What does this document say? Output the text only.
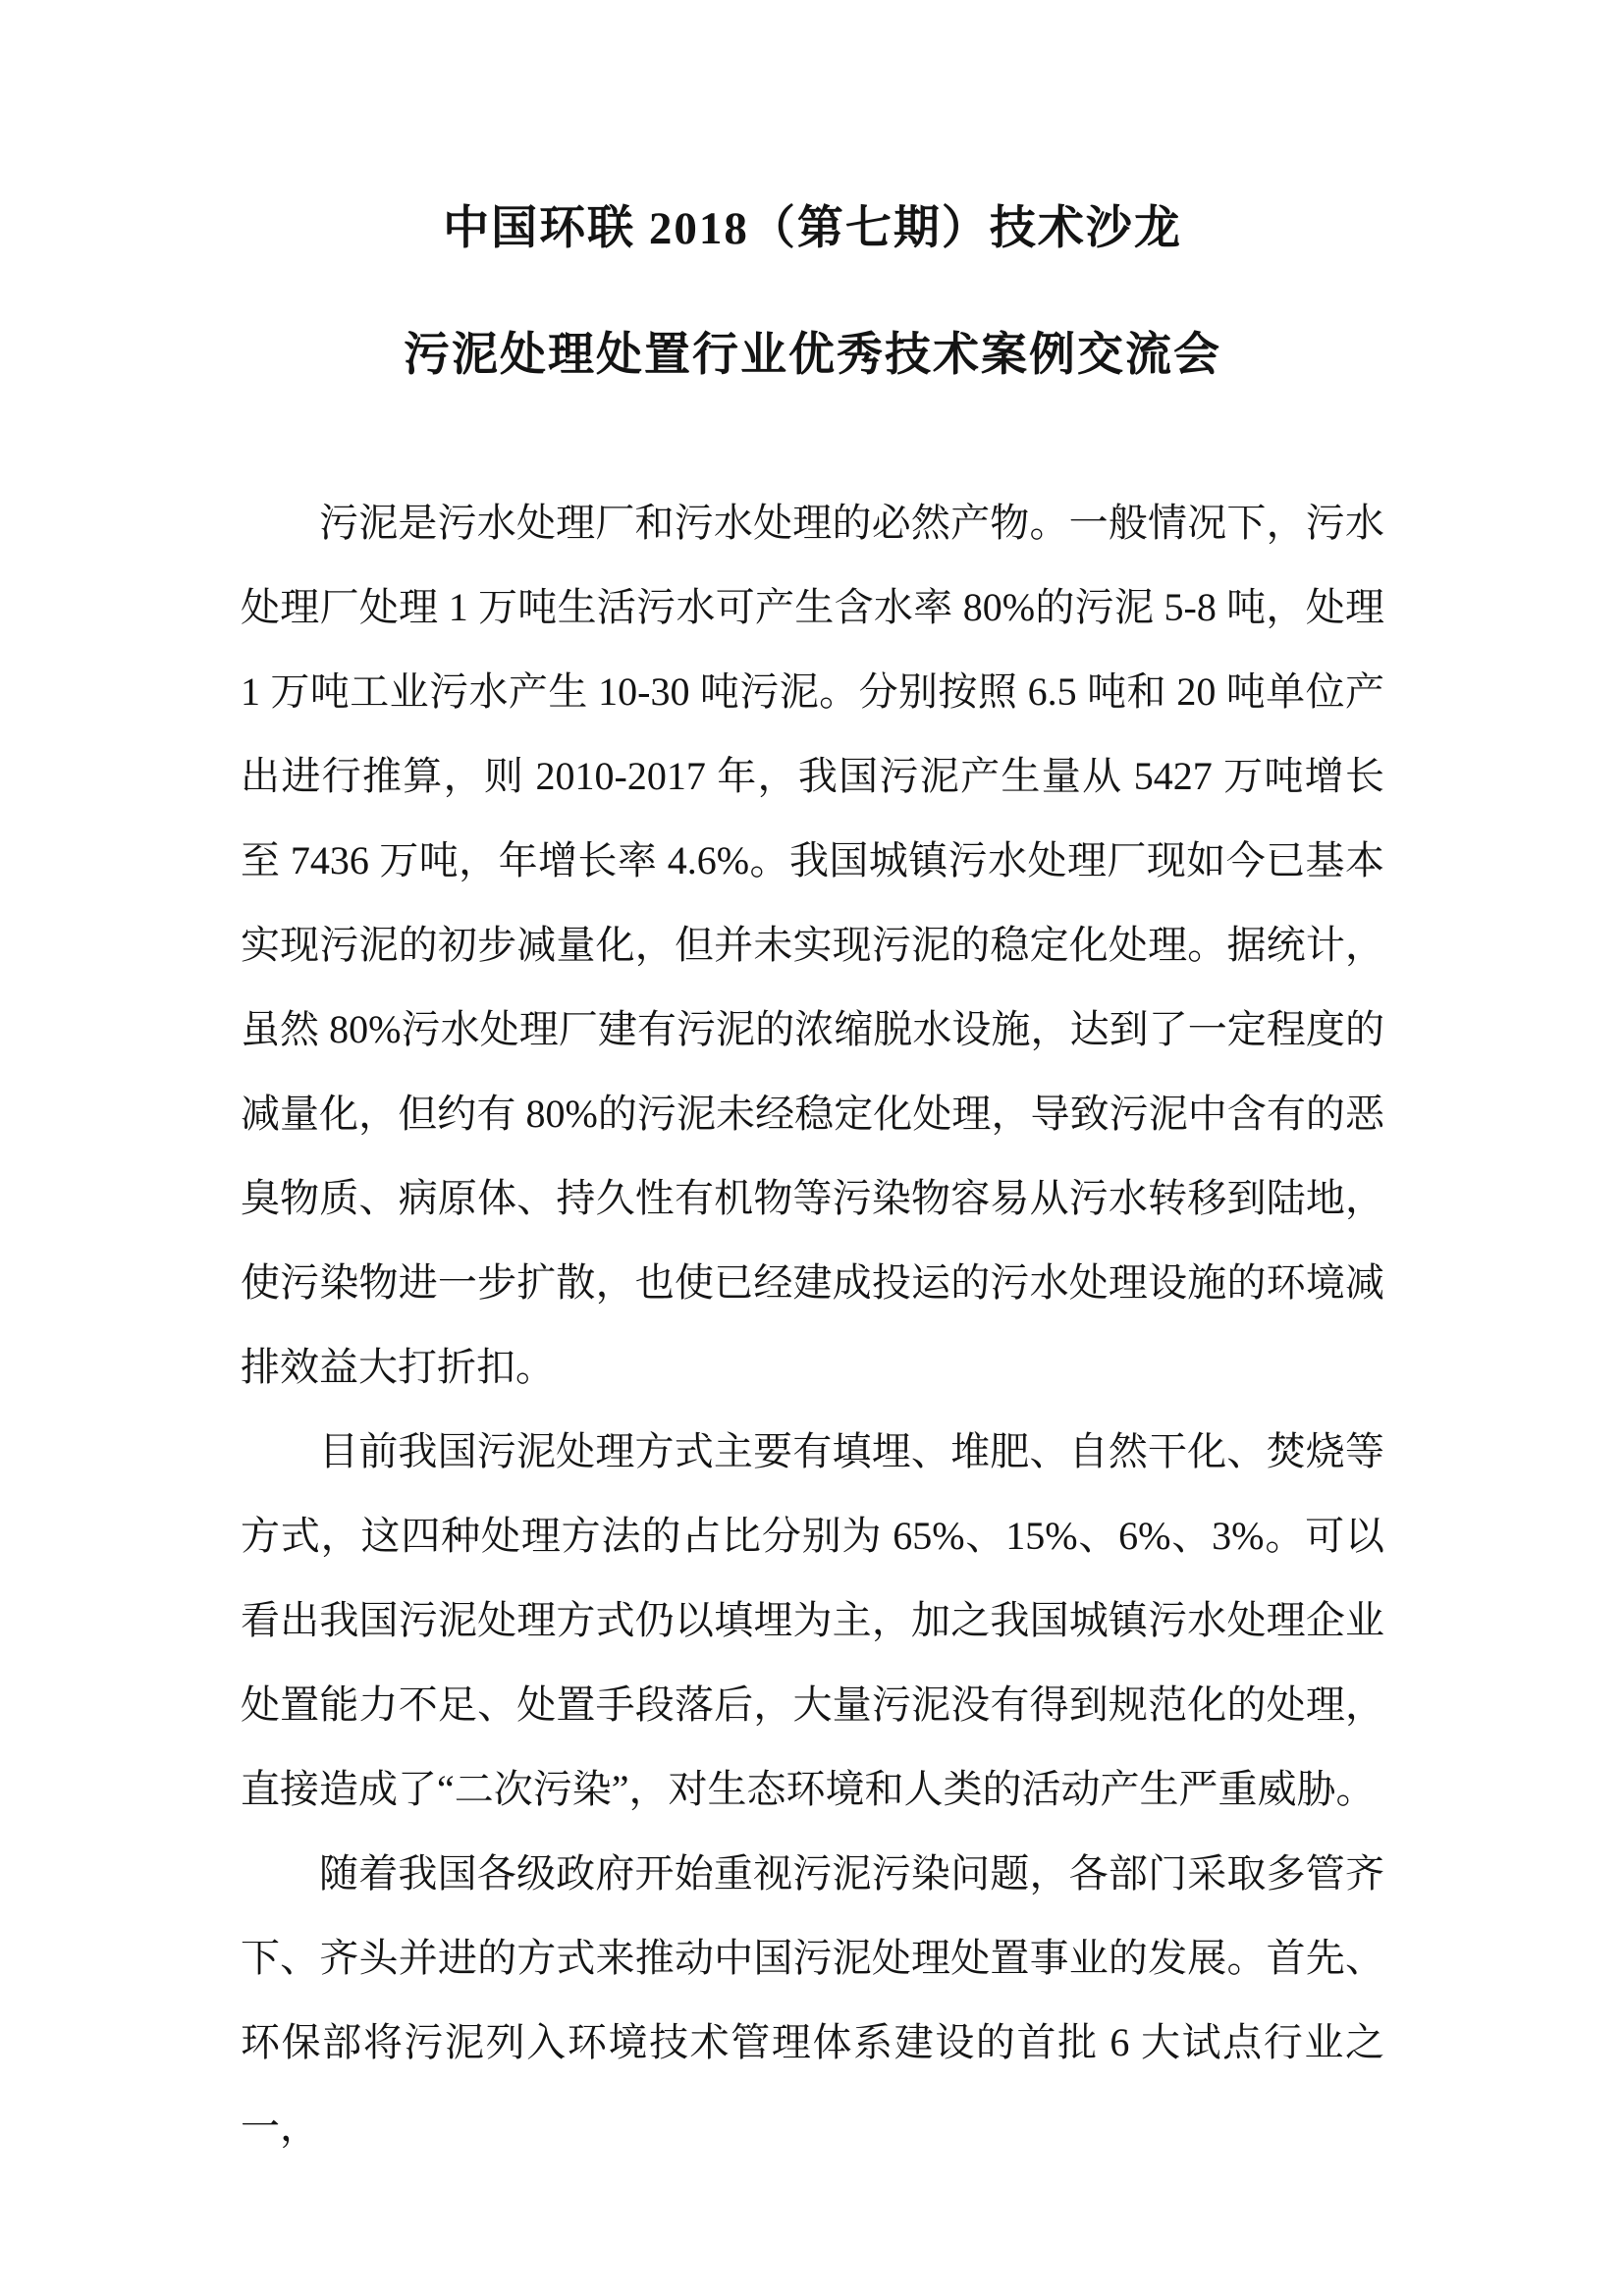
中国环联 2018（第七期）技术沙龙
污泥处理处置行业优秀技术案例交流会

污泥是污水处理厂和污水处理的必然产物。一般情况下，污水处理厂处理 1 万吨生活污水可产生含水率 80%的污泥 5-8 吨，处理 1 万吨工业污水产生 10-30 吨污泥。分别按照 6.5 吨和 20 吨单位产出进行推算，则 2010-2017 年，我国污泥产生量从 5427 万吨增长至 7436 万吨，年增长率 4.6%。我国城镇污水处理厂现如今已基本实现污泥的初步减量化，但并未实现污泥的稳定化处理。据统计，虽然 80%污水处理厂建有污泥的浓缩脱水设施，达到了一定程度的减量化，但约有 80%的污泥未经稳定化处理，导致污泥中含有的恶臭物质、病原体、持久性有机物等污染物容易从污水转移到陆地，使污染物进一步扩散，也使已经建成投运的污水处理设施的环境减排效益大打折扣。

目前我国污泥处理方式主要有填埋、堆肥、自然干化、焚烧等方式，这四种处理方法的占比分别为 65%、15%、6%、3%。可以看出我国污泥处理方式仍以填埋为主，加之我国城镇污水处理企业处置能力不足、处置手段落后，大量污泥没有得到规范化的处理，直接造成了“二次污染”，对生态环境和人类的活动产生严重威胁。

随着我国各级政府开始重视污泥污染问题，各部门采取多管齐下、齐头并进的方式来推动中国污泥处理处置事业的发展。首先、环保部将污泥列入环境技术管理体系建设的首批 6 大试点行业之一，
